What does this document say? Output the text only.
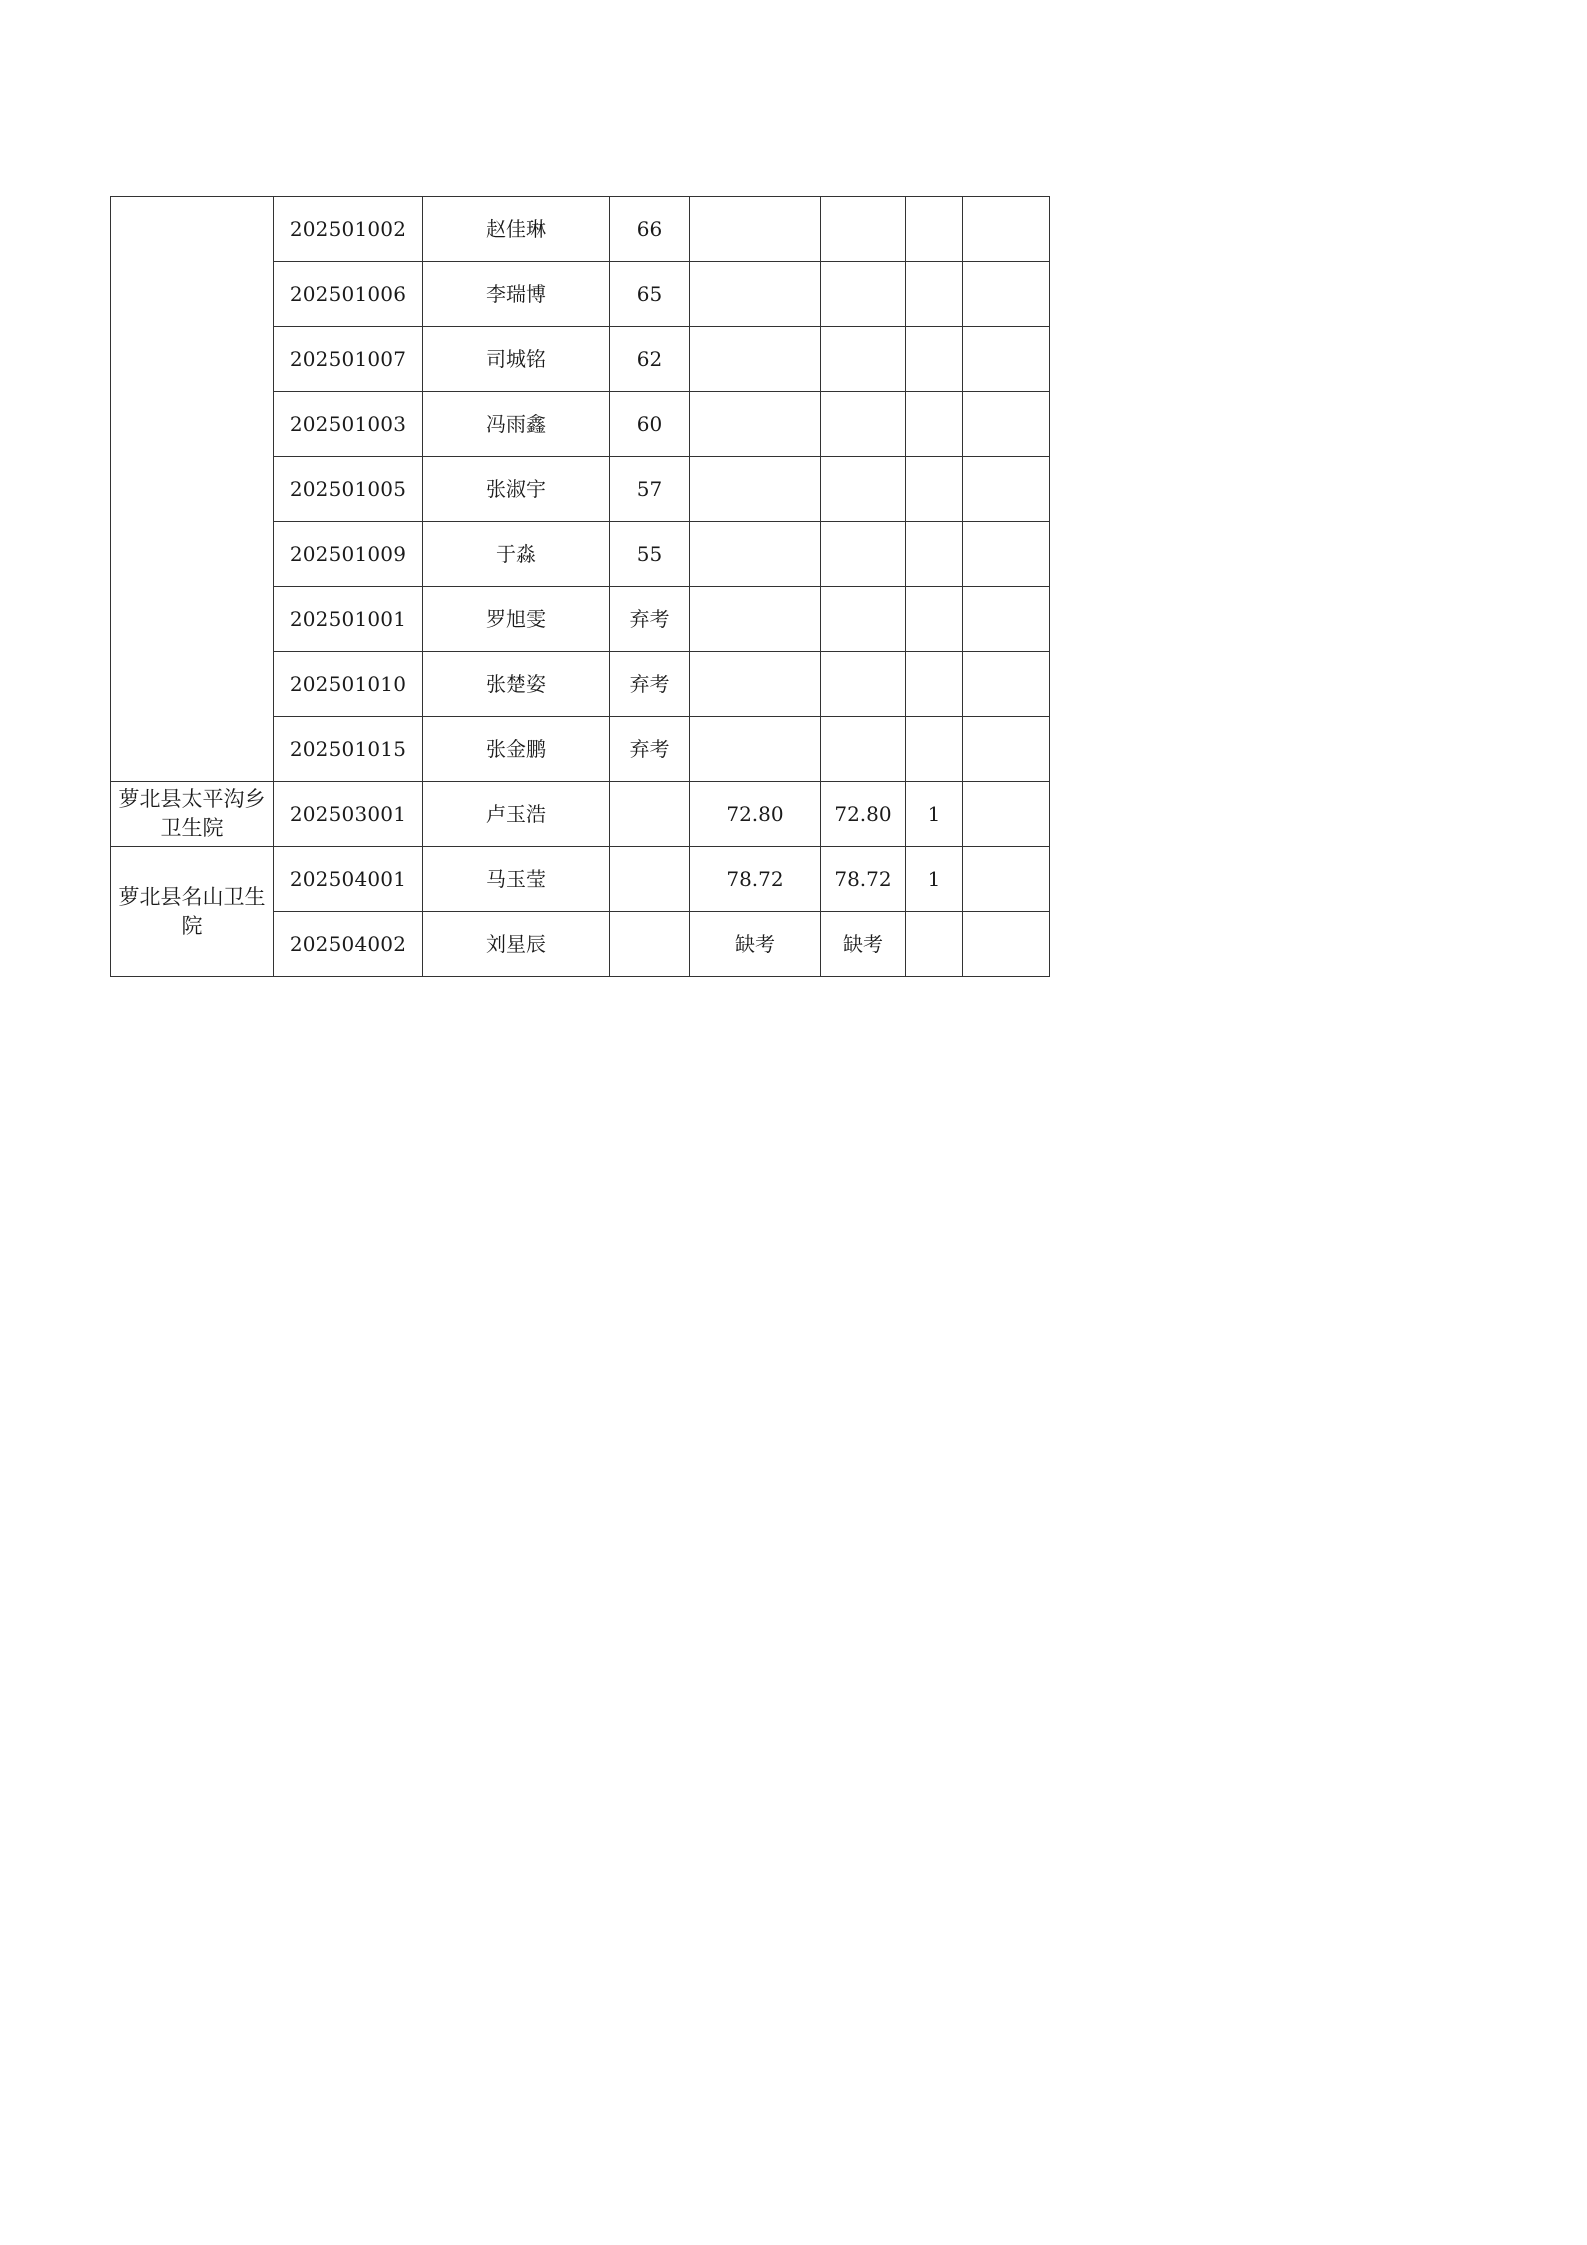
	202501002	赵佳琳	66				
	202501006	李瑞博	65				
	202501007	司城铭	62				
	202501003	冯雨鑫	60				
	202501005	张淑宇	57				
	202501009	于淼	55				
	202501001	罗旭雯	弃考				
	202501010	张楚姿	弃考				
	202501015	张金鹏	弃考				
萝北县太平沟乡卫生院	202503001	卢玉浩		72.80	72.80	1	
萝北县名山卫生院	202504001	马玉莹		78.72	78.72	1	
	202504002	刘星辰		缺考	缺考		
